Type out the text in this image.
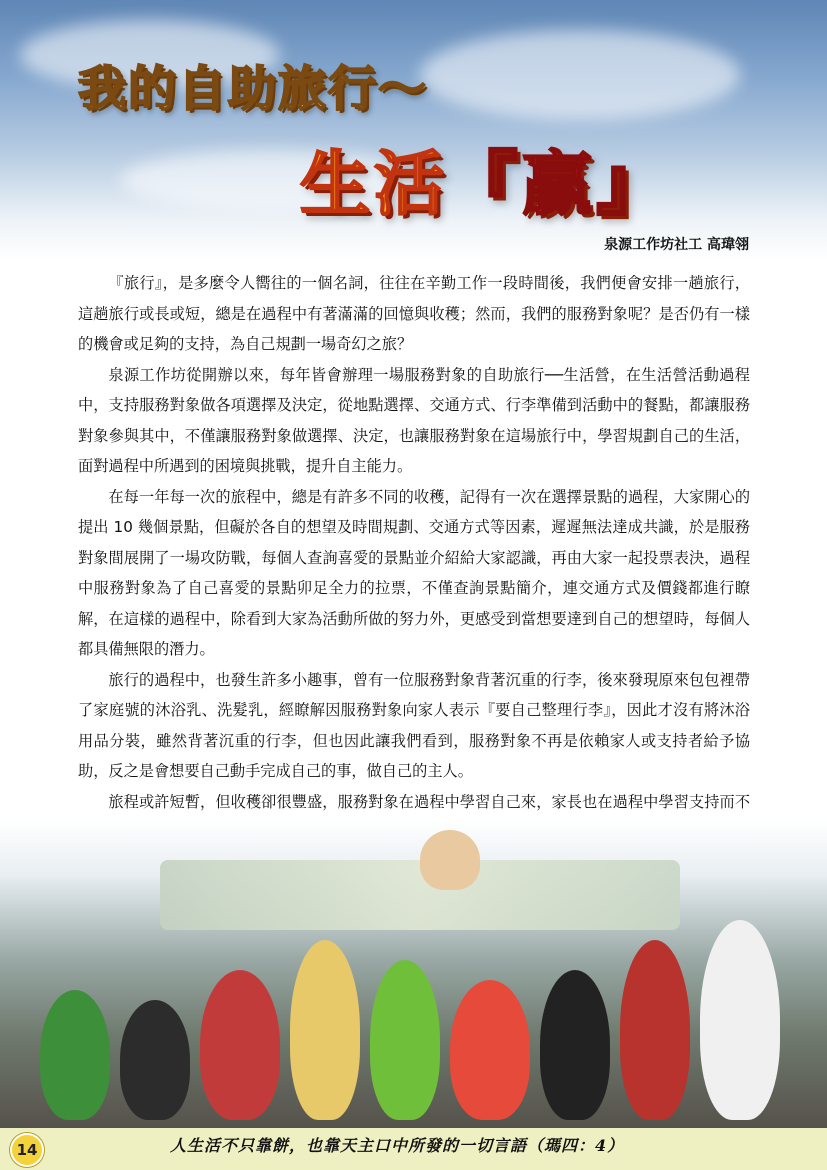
我的自助旅行～
生活『贏』
泉源工作坊社工 高瑋翎

『旅行』，是多麼令人嚮往的一個名詞，往往在辛勤工作一段時間後，我們便會安排一趟旅行，這趟旅行或長或短，總是在過程中有著滿滿的回憶與收穫；然而，我們的服務對象呢？是否仍有一樣的機會或足夠的支持，為自己規劃一場奇幻之旅？

泉源工作坊從開辦以來，每年皆會辦理一場服務對象的自助旅行──生活營，在生活營活動過程中，支持服務對象做各項選擇及決定，從地點選擇、交通方式、行李準備到活動中的餐點，都讓服務對象參與其中，不僅讓服務對象做選擇、決定，也讓服務對象在這場旅行中，學習規劃自己的生活，面對過程中所遇到的困境與挑戰，提升自主能力。

在每一年每一次的旅程中，總是有許多不同的收穫，記得有一次在選擇景點的過程，大家開心的提出 10 幾個景點，但礙於各自的想望及時間規劃、交通方式等因素，遲遲無法達成共識，於是服務對象間展開了一場攻防戰，每個人查詢喜愛的景點並介紹給大家認識，再由大家一起投票表決，過程中服務對象為了自己喜愛的景點卯足全力的拉票，不僅查詢景點簡介，連交通方式及價錢都進行瞭解，在這樣的過程中，除看到大家為活動所做的努力外，更感受到當想要達到自己的想望時，每個人都具備無限的潛力。

旅行的過程中，也發生許多小趣事，曾有一位服務對象背著沉重的行李，後來發現原來包包裡帶了家庭號的沐浴乳、洗髮乳，經瞭解因服務對象向家人表示『要自己整理行李』，因此才沒有將沐浴用品分裝，雖然背著沉重的行李，但也因此讓我們看到，服務對象不再是依賴家人或支持者給予協助，反之是會想要自己動手完成自己的事，做自己的主人。

旅程或許短暫，但收穫卻很豐盛，服務對象在過程中學習自己來，家長也在過程中學習支持而不

14	人生活不只靠餅，也靠天主口中所發的一切言語（瑪四：4）
